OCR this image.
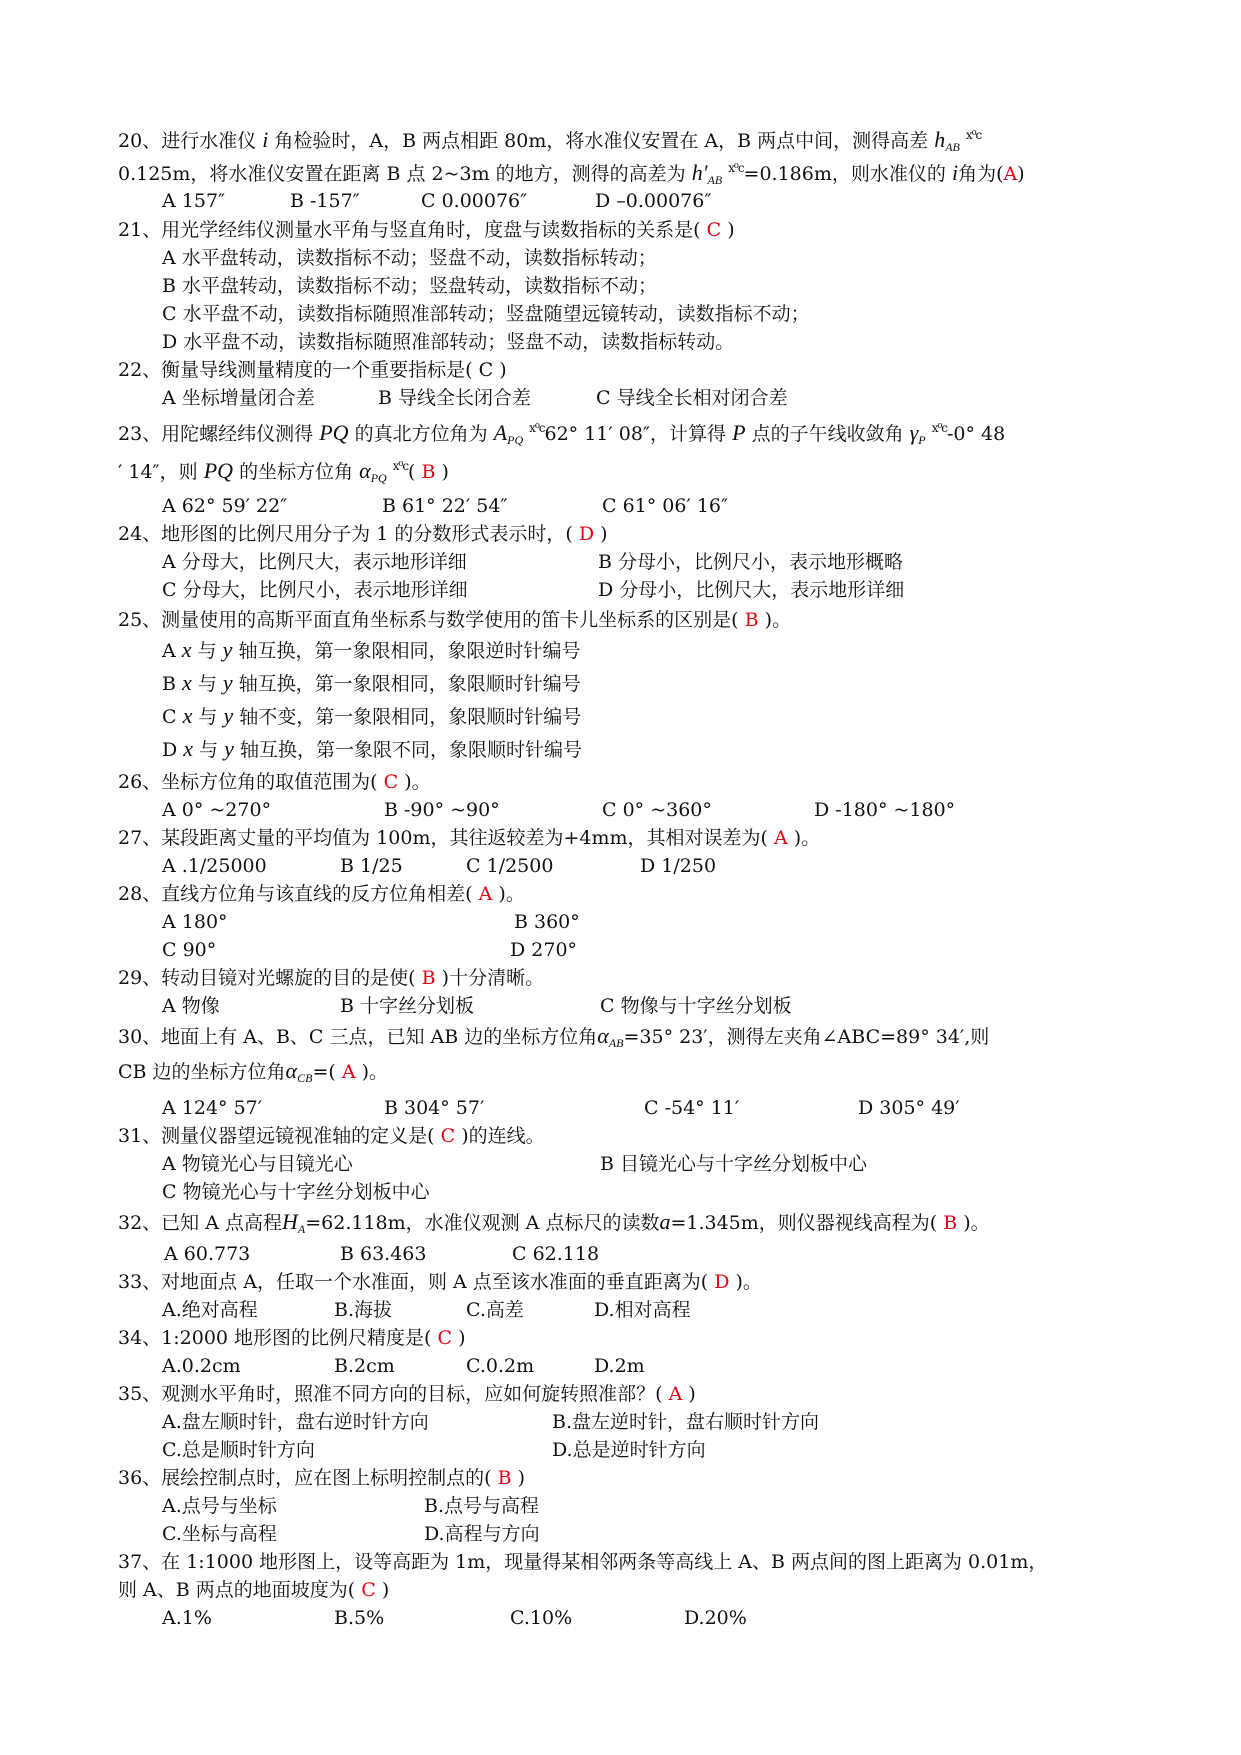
20、进行水准仪 i 角检验时，A，B 两点相距 80m，将水准仪安置在 A，B 两点中间，测得高差 $h_{AB}$ $^{ⅹ^0ⅽ}$
0.125m，将水准仪安置在距离 B 点 2~3m 的地方，测得的高差为 $h'_{AB}$ $^{ⅹ^0ⅽ}$=0.186m，则水准仪的 i角为(A)
A 157″	B -157″	C 0.00076″	D –0.00076″
21、用光学经纬仪测量水平角与竖直角时，度盘与读数指标的关系是( C )
A 水平盘转动，读数指标不动；竖盘不动，读数指标转动；
B 水平盘转动，读数指标不动；竖盘转动，读数指标不动；
C 水平盘不动，读数指标随照准部转动；竖盘随望远镜转动，读数指标不动；
D 水平盘不动，读数指标随照准部转动；竖盘不动，读数指标转动。
22、衡量导线测量精度的一个重要指标是( C )
A 坐标增量闭合差	B 导线全长闭合差	C 导线全长相对闭合差
23、用陀螺经纬仪测得 PQ 的真北方位角为 $A_{PQ}$ $^{ⅹ^0ⅽ}$62° 11′ 08″，计算得 P 点的子午线收敛角 $\gamma_P$ $^{ⅹ^0ⅽ}$-0° 48
′ 14″，则 PQ 的坐标方位角 $\alpha_{PQ}$ $^{ⅹ^0ⅽ}$( B )
A 62° 59′ 22″	B 61° 22′ 54″	C 61° 06′ 16″
24、地形图的比例尺用分子为 1 的分数形式表示时，( D )
A 分母大，比例尺大，表示地形详细	B 分母小，比例尺小，表示地形概略
C 分母大，比例尺小，表示地形详细	D 分母小，比例尺大，表示地形详细
25、测量使用的高斯平面直角坐标系与数学使用的笛卡儿坐标系的区别是( B )。
A x 与 y 轴互换，第一象限相同，象限逆时针编号
B x 与 y 轴互换，第一象限相同，象限顺时针编号
C x 与 y 轴不变，第一象限相同，象限顺时针编号
D x 与 y 轴互换，第一象限不同，象限顺时针编号
26、坐标方位角的取值范围为( C )。
A 0° ~270°	B -90° ~90°	C 0° ~360°	D -180° ~180°
27、某段距离丈量的平均值为 100m，其往返较差为+4mm，其相对误差为( A )。
A .1/25000	B 1/25	C 1/2500	D 1/250
28、直线方位角与该直线的反方位角相差( A )。
A 180°	B 360°
C 90°	D 270°
29、转动目镜对光螺旋的目的是使( B )十分清晰。
A 物像	B 十字丝分划板	C 物像与十字丝分划板
30、地面上有 A、B、C 三点，已知 AB 边的坐标方位角$\alpha_{AB}=35^\circ$ 23′，测得左夹角∠ABC=89° 34′,则
CB 边的坐标方位角$\alpha_{CB}=$( A )。
A 124° 57′	B 304° 57′	C -54° 11′	D 305° 49′
31、测量仪器望远镜视准轴的定义是( C )的连线。
A 物镜光心与目镜光心	B 目镜光心与十字丝分划板中心
C 物镜光心与十字丝分划板中心
32、已知 A 点高程$H_A=62.118m$，水准仪观测 A 点标尺的读数a=1.345m，则仪器视线高程为( B )。
A 60.773	B 63.463	C 62.118
33、对地面点 A，任取一个水准面，则 A 点至该水准面的垂直距离为( D )。
A.绝对高程	B.海拔	C.高差	D.相对高程
34、1:2000 地形图的比例尺精度是( C )
A.0.2cm	B.2cm	C.0.2m	D.2m
35、观测水平角时，照准不同方向的目标，应如何旋转照准部？( A )
A.盘左顺时针，盘右逆时针方向	B.盘左逆时针，盘右顺时针方向
C.总是顺时针方向	D.总是逆时针方向
36、展绘控制点时，应在图上标明控制点的( B )
A.点号与坐标	B.点号与高程
C.坐标与高程	D.高程与方向
37、在 1:1000 地形图上，设等高距为 1m，现量得某相邻两条等高线上 A、B 两点间的图上距离为 0.01m，
则 A、B 两点的地面坡度为( C )
A.1%	B.5%	C.10%	D.20%
